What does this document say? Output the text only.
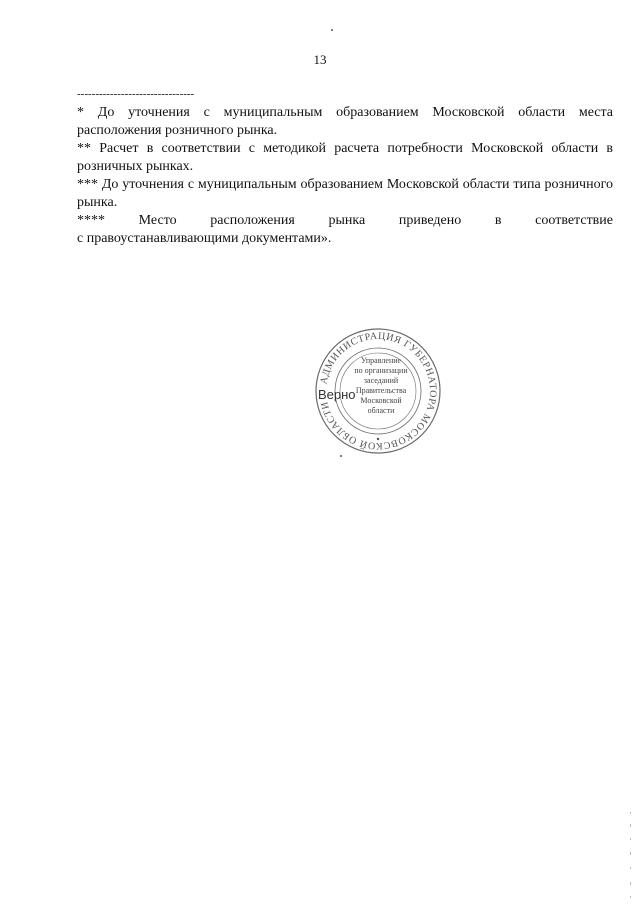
13
--------------------------------

* До уточнения с муниципальным образованием Московской области места расположения розничного рынка.

** Расчет в соответствии с методикой расчета потребности Московской области в розничных рынках.

*** До уточнения с муниципальным образованием Московской области типа розничного рынка.

**** Место расположения рынка приведено в соответствие

с правоустанавливающими документами».

АДМИНИСТРАЦИЯ ГУБЕРНАТОРА МОСКОВСКОЙ ОБЛАСТИ
Управление
по организации
заседаний
Правительства
Московской
области
Верно
